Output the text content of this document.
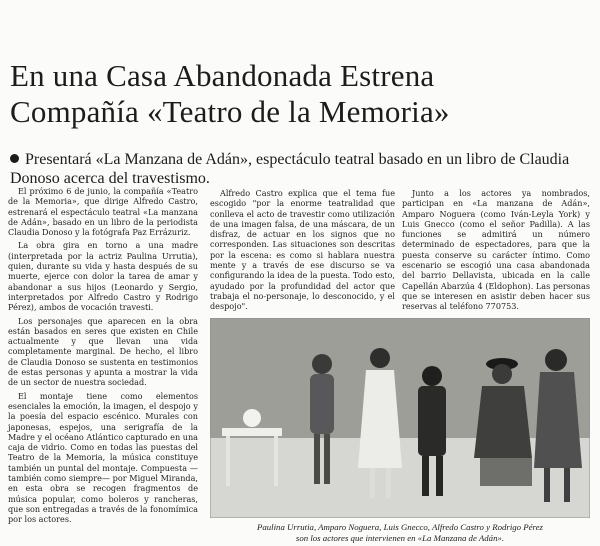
En una Casa Abandonada Estrena
Compañía «Teatro de la Memoria»
Presentará «La Manzana de Adán», espectáculo teatral basado en un libro de Claudia Donoso acerca del travestismo.

El próximo 6 de junio, la compañía «Teatro de la Memoria», que dirige Alfredo Castro, estrenará el espectáculo teatral «La manzana de Adán», basado en un libro de la periodista Claudia Donoso y la fotógrafa Paz Errázuriz.

La obra gira en torno a una madre (interpretada por la actriz Paulina Urrutia), quien, durante su vida y hasta después de su muerte, ejerce con dolor la tarea de amar y abandonar a sus hijos (Leonardo y Sergio, interpretados por Alfredo Castro y Rodrigo Pérez), ambos de vocación travesti.

Los personajes que aparecen en la obra están basados en seres que existen en Chile actualmente y que llevan una vida completamente marginal. De hecho, el libro de Claudia Donoso se sustenta en testimonios de estas personas y apunta a mostrar la vida de un sector de nuestra sociedad.

El montaje tiene como elementos esenciales la emoción, la imagen, el despojo y la poesía del espacio escénico. Murales con japonesas, espejos, una serigrafía de la Madre y el océano Atlántico capturado en una caja de vidrio. Como en todas las puestas del Teatro de la Memoria, la música constituye también un puntal del montaje. Compuesta —también como siempre— por Miguel Miranda, en esta obra se recogen fragmentos de música popular, como boleros y rancheras, que son entregadas a través de la fonomímica por los actores.

Alfredo Castro explica que el tema fue escogido "por la enorme teatralidad que conlleva el acto de travestir como utilización de una imagen falsa, de una máscara, de un disfraz, de actuar en los signos que no corresponden. Las situaciones son descritas por la escena: es como si hablara nuestra mente y a través de ese discurso se va configurando la idea de la puesta. Todo esto, ayudado por la profundidad del actor que trabaja el no-personaje, lo desconocido, y el despojo".

Junto a los actores ya nombrados, participan en «La manzana de Adán», Amparo Noguera (como Iván-Leyla York) y Luis Gnecco (como el señor Padilla). A las funciones se admitirá un número determinado de espectadores, para que la puesta conserve su carácter íntimo. Como escenario se escogió una casa abandonada del barrio Dellavista, ubicada en la calle Capellán Abarzúa 4 (Eldophon). Las personas que se interesen en asistir deben hacer sus reservas al teléfono 770753.

Paulina Urrutia, Amparo Noguera, Luis Gnecco, Alfredo Castro y Rodrigo Pérez
son los actores que intervienen en «La Manzana de Adán».
